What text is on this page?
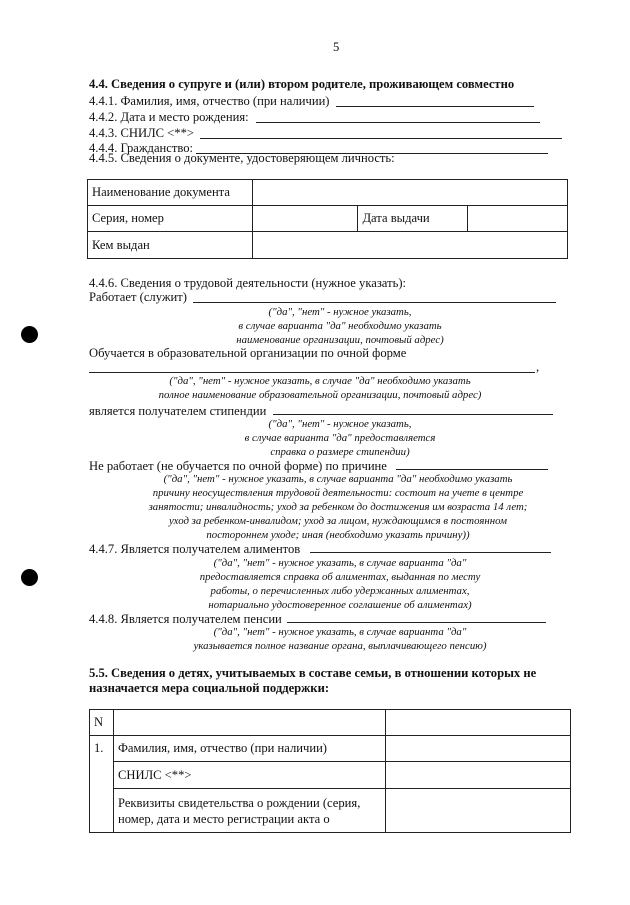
5
4.4. Сведения о супруге и (или) втором родителе, проживающем совместно
4.4.1. Фамилия, имя, отчество (при наличии)
4.4.2. Дата и место рождения:
4.4.3. СНИЛС <**>
4.4.4. Гражданство:
4.4.5. Сведения о документе, удостоверяющем личность:
Наименование документа			
Серия, номер		Дата выдачи	
Кем выдан			
4.4.6. Сведения о трудовой деятельности (нужное указать):
Работает (служит)
("да", "нет" - нужное указать,
в случае варианта "да" необходимо указать
наименование организации, почтовый адрес)
Обучается в образовательной организации по очной форме
,
("да", "нет" - нужное указать, в случае "да" необходимо указать
полное наименование образовательной организации, почтовый адрес)
является получателем стипендии
("да", "нет" - нужное указать,
в случае варианта "да" предоставляется
справка о размере стипендии)
Не работает (не обучается по очной форме) по причине
("да", "нет" - нужное указать, в случае варианта "да" необходимо указать
причину неосуществления трудовой деятельности: состоит на учете в центре
занятости; инвалидность; уход за ребенком до достижения им возраста 14 лет;
уход за ребенком-инвалидом; уход за лицом, нуждающимся в постоянном
постороннем уходе; иная (необходимо указать причину))
4.4.7. Является получателем алиментов
("да", "нет" - нужное указать, в случае варианта "да"
предоставляется справка об алиментах, выданная по месту
работы, о перечисленных либо удержанных алиментах,
нотариально удостоверенное соглашение об алиментах)
4.4.8. Является получателем пенсии
("да", "нет" - нужное указать, в случае варианта "да"
указывается полное название органа, выплачивающего пенсию)
5.5. Сведения о детях, учитываемых в составе семьи, в отношении которых не
назначается мера социальной поддержки:
N		
1.	Фамилия, имя, отчество (при наличии)	
	СНИЛС <**>	

	Реквизиты свидетельства о рождении (серия,
номер, дата и место регистрации акта о	
